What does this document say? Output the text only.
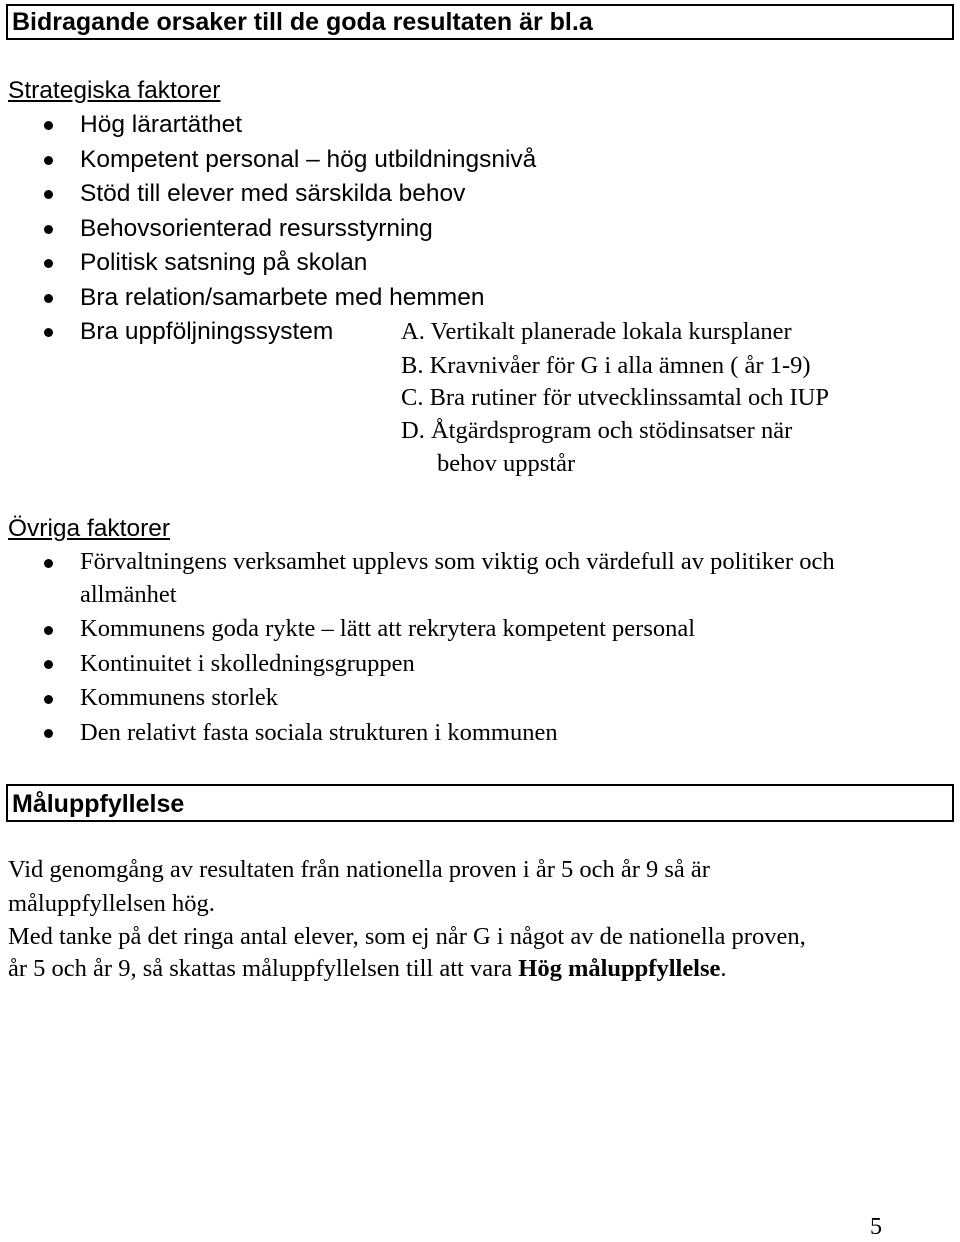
Bidragande orsaker till de goda resultaten är bl.a
Strategiska faktorer
Hög lärartäthet
Kompetent personal – hög utbildningsnivå
Stöd till elever med särskilda behov
Behovsorienterad resursstyrning
Politisk satsning på skolan
Bra relation/samarbete med hemmen
Bra uppföljningssystem	A. Vertikalt planerade lokala kursplaner
B. Kravnivåer för G i alla ämnen ( år 1-9)
C. Bra rutiner för utvecklinssamtal och IUP
D. Åtgärdsprogram och stödinsatser när
behov uppstår
Övriga faktorer
Förvaltningens verksamhet upplevs som viktig och värdefull av politiker och
allmänhet
Kommunens goda rykte – lätt att rekrytera kompetent personal
Kontinuitet i skolledningsgruppen
Kommunens storlek
Den relativt fasta sociala strukturen i kommunen
Måluppfyllelse
Vid genomgång av resultaten från nationella proven i år 5 och år 9 så är
måluppfyllelsen hög.
Med tanke på det ringa antal elever, som ej når G i något av de nationella proven,
år 5 och år 9, så skattas måluppfyllelsen till att vara Hög måluppfyllelse.
5
